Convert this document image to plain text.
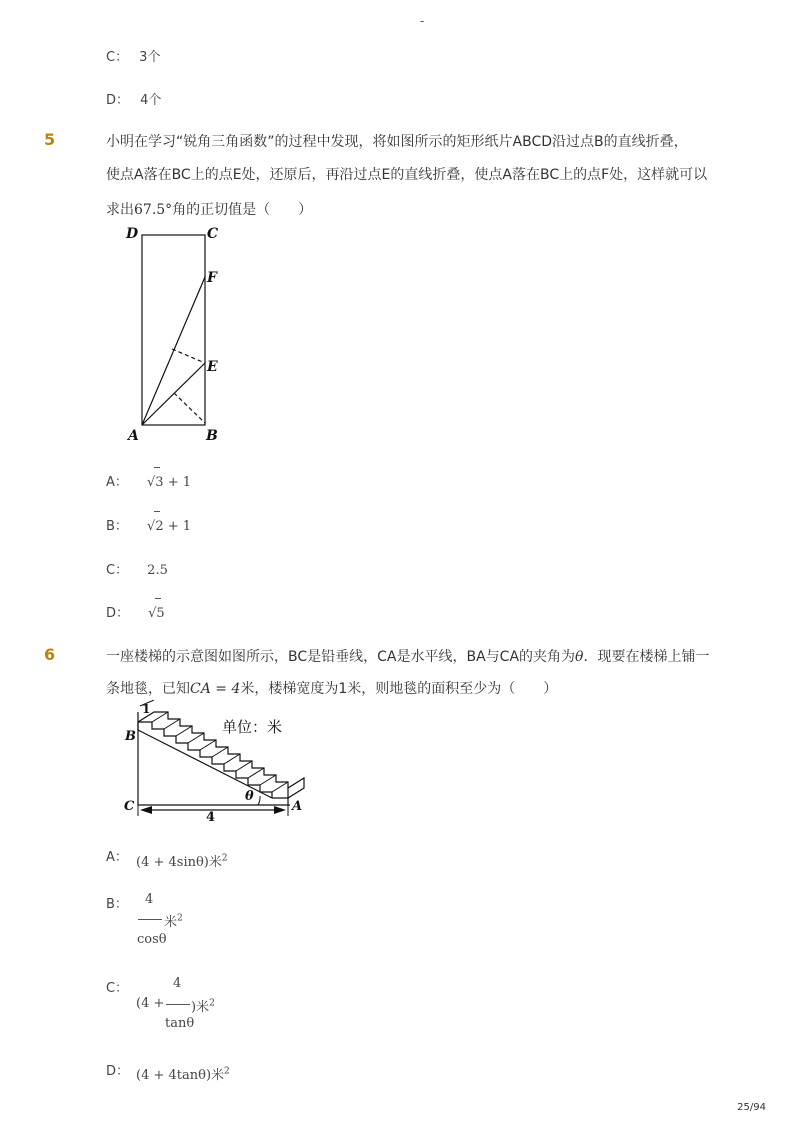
-
C： 3个
D： 4个
5	小明在学习“锐角三角函数”的过程中发现，将如图所示的矩形纸片ABCD沿过点B的直线折叠，
使点A落在BC上的点E处，还原后，再沿过点E的直线折叠，使点A落在BC上的点F处，这样就可以
求出67.5°角的正切值是（　　）
D	C
F
E
A	B
A： √
3 + 1
B： √
2 + 1
C： 2.5
D： √
5
6	一座楼梯的示意图如图所示，BC是铅垂线，CA是水平线，BA与CA的夹角为θ．现要在楼梯上铺一
条地毯，已知CA = 4米，楼梯宽度为1米，则地毯的面积至少为（　　）
1
θ
4
B
C	A
单位：米
A： (4 + 4sinθ)米$^2$
B： 4
米$^2$
cosθ
C：	4
(4 + )米$^2$
tanθ
D： (4 + 4tanθ)米$^2$
25/94
